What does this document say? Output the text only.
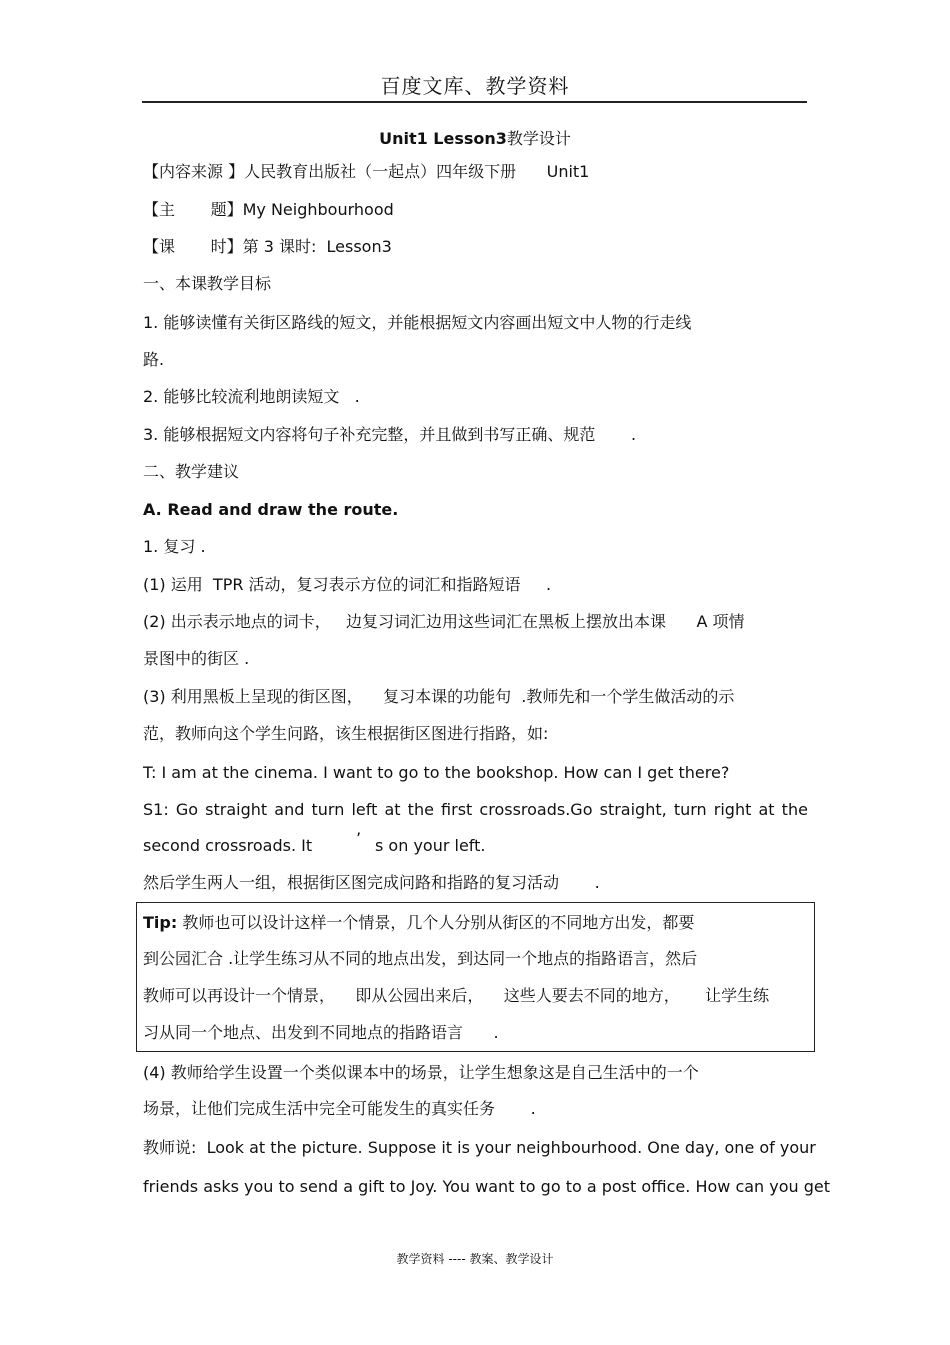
百度文库、教学资料
Unit1 Lesson3教学设计
【内容来源 】人民教育出版社（一起点）四年级下册      Unit1
【主       题】My Neighbourhood
【课       时】第 3 课时:  Lesson3
一、本课教学目标
1. 能够读懂有关街区路线的短文，并能根据短文内容画出短文中人物的行走线
路.
2. 能够比较流利地朗读短文   .
3. 能够根据短文内容将句子补充完整，并且做到书写正确、规范       .
二、教学建议
A. Read and draw the route.
1. 复习 .
(1) 运用  TPR 活动，复习表示方位的词汇和指路短语     .
(2) 出示表示地点的词卡，   边复习词汇边用这些词汇在黑板上摆放出本课      A 项情
景图中的街区 .
(3) 利用黑板上呈现的街区图，    复习本课的功能句  .教师先和一个学生做活动的示
范，教师向这个学生问路，该生根据街区图进行指路，如:
T: I am at the cinema. I want to go to the bookshop. How can I get there?
S1: Go straight and turn left at the first crossroads.Go straight, turn right at the
second crossroads. It	’ s on your left.
然后学生两人一组，根据街区图完成问路和指路的复习活动       .
Tip: 教师也可以设计这样一个情景，几个人分别从街区的不同地方出发，都要
到公园汇合 .让学生练习从不同的地点出发，到达同一个地点的指路语言，然后
教师可以再设计一个情景，    即从公园出来后，    这些人要去不同的地方，     让学生练
习从同一个地点、出发到不同地点的指路语言      .
(4) 教师给学生设置一个类似课本中的场景，让学生想象这是自己生活中的一个
场景，让他们完成生活中完全可能发生的真实任务       .
教师说:  Look at the picture. Suppose it is your neighbourhood. One day, one of your
friends asks you to send a gift to Joy. You want to go to a post office. How can you get
教学资料 ---- 教案、教学设计
